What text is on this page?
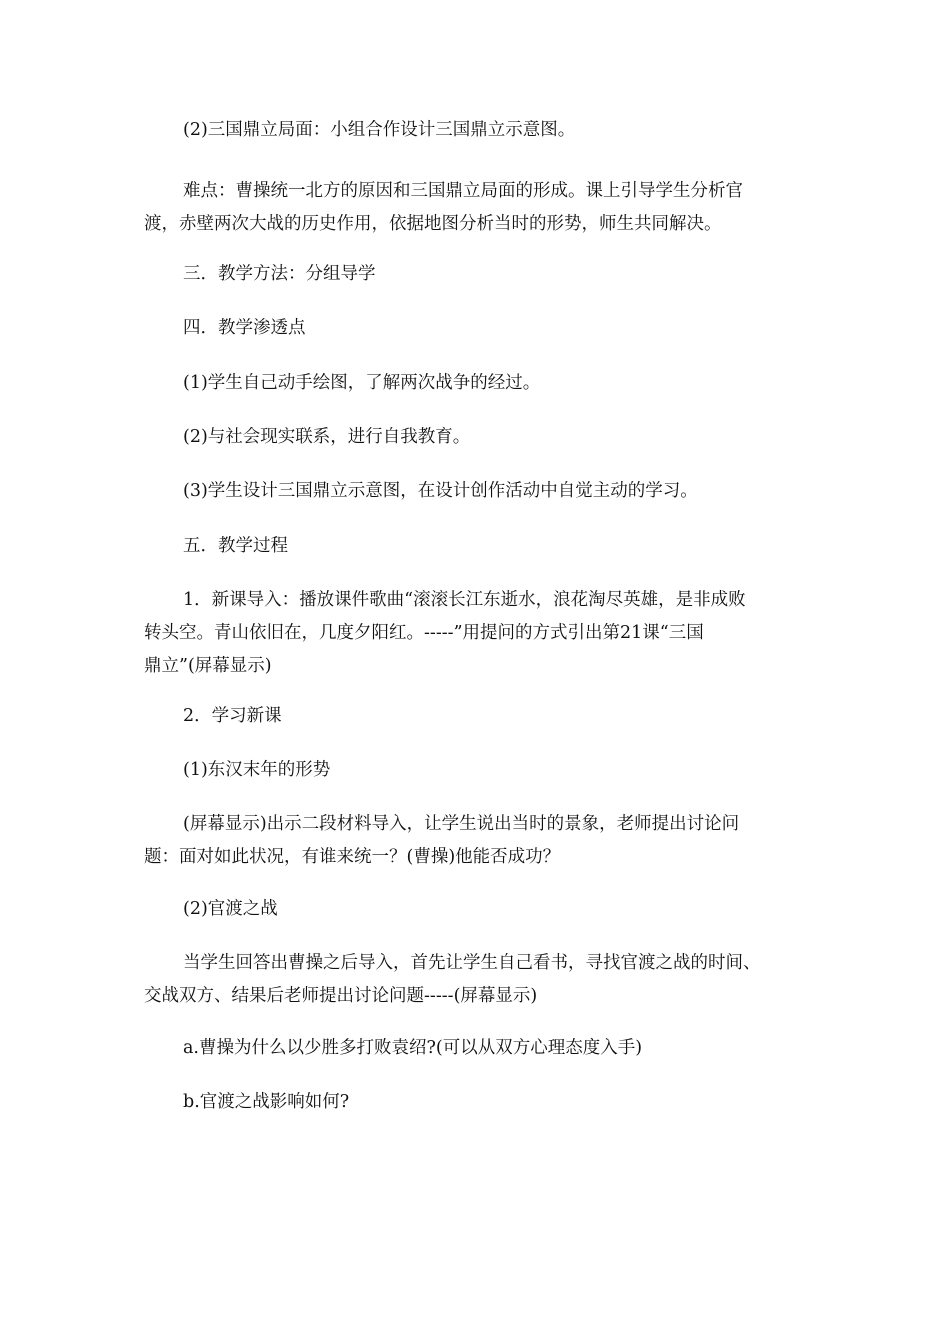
(2)三国鼎立局面：小组合作设计三国鼎立示意图。
难点：曹操统一北方的原因和三国鼎立局面的形成。课上引导学生分析官
渡，赤壁两次大战的历史作用，依据地图分析当时的形势，师生共同解决。
三．教学方法：分组导学
四．教学渗透点
(1)学生自己动手绘图，了解两次战争的经过。
(2)与社会现实联系，进行自我教育。
(3)学生设计三国鼎立示意图，在设计创作活动中自觉主动的学习。
五．教学过程
1．新课导入：播放课件歌曲“滚滚长江东逝水，浪花淘尽英雄，是非成败
转头空。青山依旧在，几度夕阳红。-----”用提问的方式引出第21课“三国
鼎立”(屏幕显示)
2．学习新课
(1)东汉末年的形势
(屏幕显示)出示二段材料导入，让学生说出当时的景象，老师提出讨论问
题：面对如此状况，有谁来统一？(曹操)他能否成功？
(2)官渡之战
当学生回答出曹操之后导入，首先让学生自己看书，寻找官渡之战的时间、
交战双方、结果后老师提出讨论问题-----(屏幕显示)
a.曹操为什么以少胜多打败袁绍?(可以从双方心理态度入手)
b.官渡之战影响如何?
